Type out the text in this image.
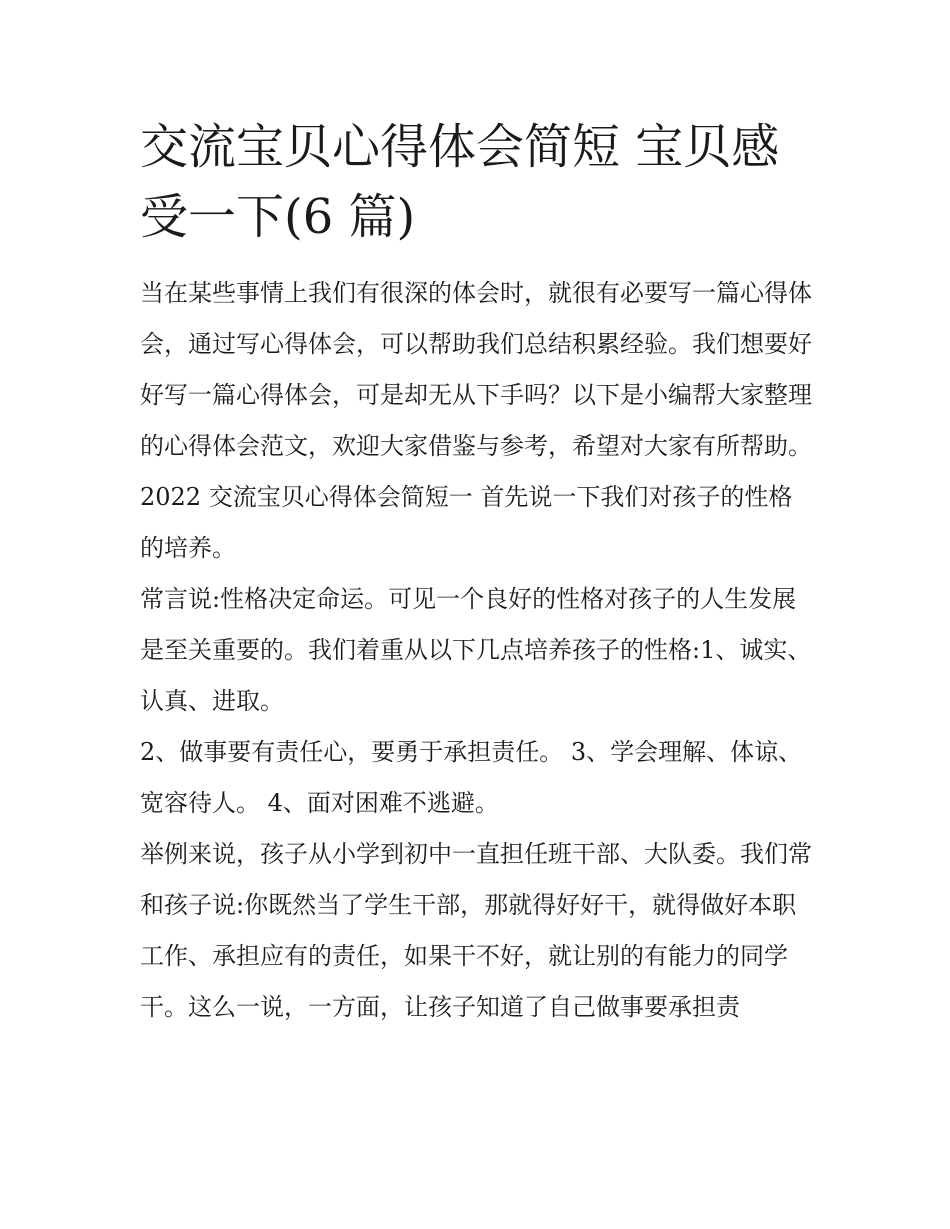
交流宝贝心得体会简短 宝贝感受一下(6 篇)

当在某些事情上我们有很深的体会时，就很有必要写一篇心得体会，通过写心得体会，可以帮助我们总结积累经验。我们想要好好写一篇心得体会，可是却无从下手吗？以下是小编帮大家整理的心得体会范文，欢迎大家借鉴与参考，希望对大家有所帮助。

2022 交流宝贝心得体会简短一 首先说一下我们对孩子的性格的培养。

常言说:性格决定命运。可见一个良好的性格对孩子的人生发展是至关重要的。我们着重从以下几点培养孩子的性格:1、诚实、认真、进取。

2、做事要有责任心，要勇于承担责任。 3、学会理解、体谅、宽容待人。 4、面对困难不逃避。

举例来说，孩子从小学到初中一直担任班干部、大队委。我们常和孩子说:你既然当了学生干部，那就得好好干，就得做好本职工作、承担应有的责任，如果干不好，就让别的有能力的同学干。这么一说，一方面，让孩子知道了自己做事要承担责
